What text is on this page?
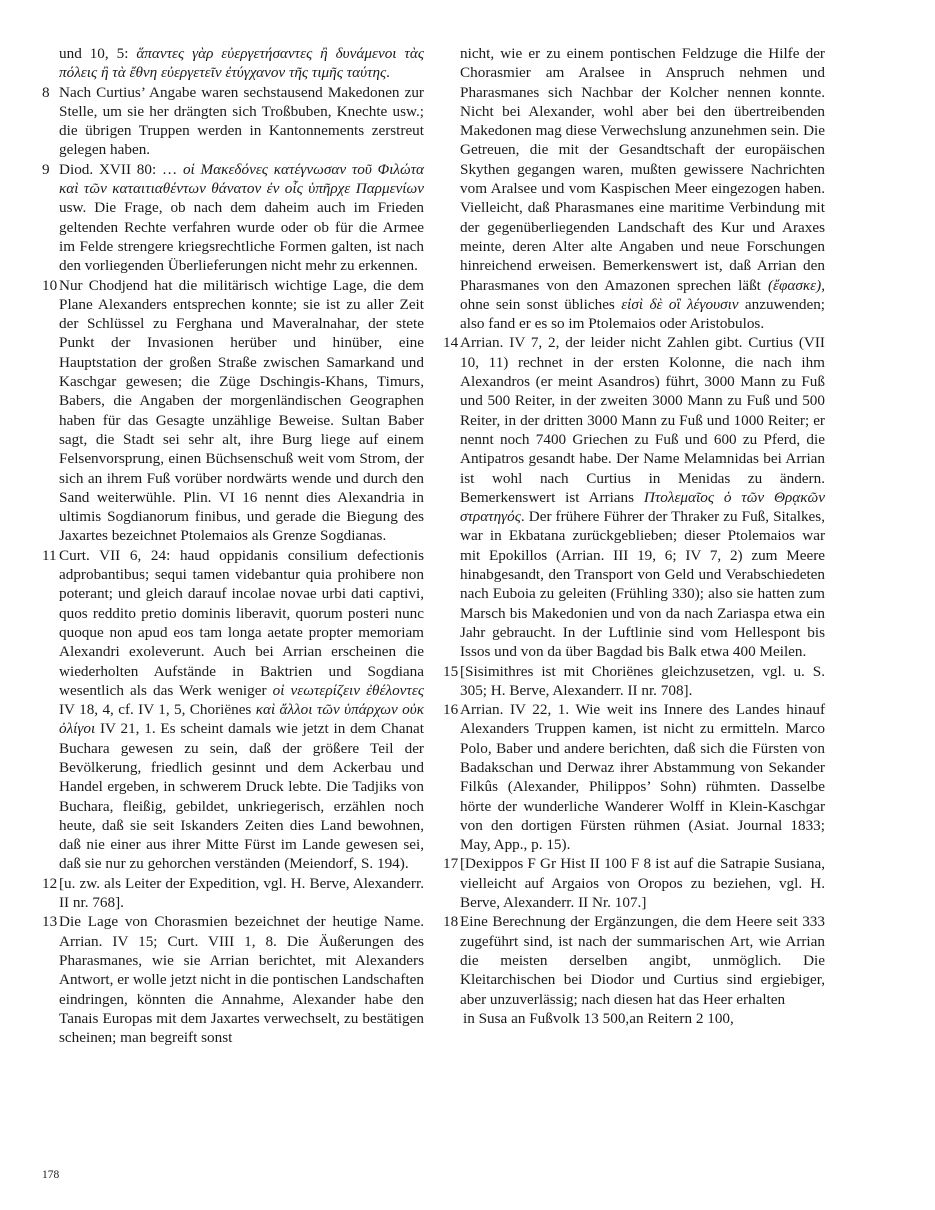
und 10, 5: ἅπαντες γὰρ εὐεργετήσαντες ἢ δυνάμενοι τὰς πόλεις ἢ τὰ ἔθνη εὐεργετεῖν ἐτύγχανον τῆς τιμῆς ταύτης.
8 Nach Curtius’ Angabe waren sechstausend Makedonen zur Stelle, um sie her drängten sich Troßbuben, Knechte usw.; die übrigen Truppen werden in Kantonnements zerstreut gelegen haben.
9 Diod. XVII 80: … οἱ Μακεδόνες κατέγνωσαν τοῦ Φιλώτα καὶ τῶν καταιτιαθέντων θάνατον ἐν οἷς ὑπῆρχε Παρμενίων usw. Die Frage, ob nach dem daheim auch im Frieden geltenden Rechte verfahren wurde oder ob für die Armee im Felde strengere kriegsrechtliche Formen galten, ist nach den vorliegenden Überlieferungen nicht mehr zu erkennen.
10 Nur Chodjend hat die militärisch wichtige Lage, die dem Plane Alexanders entsprechen konnte; sie ist zu aller Zeit der Schlüssel zu Ferghana und Maveralnahar, der stete Punkt der Invasionen herüber und hinüber, eine Hauptstation der großen Straße zwischen Samarkand und Kaschgar gewesen; die Züge Dschingis-Khans, Timurs, Babers, die Angaben der morgenländischen Geographen haben für das Gesagte unzählige Beweise. Sultan Baber sagt, die Stadt sei sehr alt, ihre Burg liege auf einem Felsenvorsprung, einen Büchsenschuß weit vom Strom, der sich an ihrem Fuß vorüber nordwärts wende und durch den Sand weiterwühle. Plin. VI 16 nennt dies Alexandria in ultimis Sogdianorum finibus, und gerade die Biegung des Jaxartes bezeichnet Ptolemaios als Grenze Sogdianas.
11 Curt. VII 6, 24: haud oppidanis consilium defectionis adprobantibus; sequi tamen videbantur quia prohibere non poterant; und gleich darauf incolae novae urbi dati captivi, quos reddito pretio dominis liberavit, quorum posteri nunc quoque non apud eos tam longa aetate propter memoriam Alexandri exoleverunt. Auch bei Arrian erscheinen die wiederholten Aufstände in Baktrien und Sogdiana wesentlich als das Werk weniger οἱ νεωτερίζειν ἐθέλοντες IV 18, 4, cf. IV 1, 5, Choriënes καὶ ἄλλοι τῶν ὑπάρχων οὐκ ὀλίγοι IV 21, 1. Es scheint damals wie jetzt in dem Chanat Buchara gewesen zu sein, daß der größere Teil der Bevölkerung, friedlich gesinnt und dem Ackerbau und Handel ergeben, in schwerem Druck lebte. Die Tadjiks von Buchara, fleißig, gebildet, unkriegerisch, erzählen noch heute, daß sie seit Iskanders Zeiten dies Land bewohnen, daß nie einer aus ihrer Mitte Fürst im Lande gewesen sei, daß sie nur zu gehorchen verständen (Meiendorf, S. 194).
12 [u. zw. als Leiter der Expedition, vgl. H. Berve, Alexanderr. II nr. 768].
13 Die Lage von Chorasmien bezeichnet der heutige Name. Arrian. IV 15; Curt. VIII 1, 8. Die Äußerungen des Pharasmanes, wie sie Arrian berichtet, mit Alexanders Antwort, er wolle jetzt nicht in die pontischen Landschaften eindringen, könnten die Annahme, Alexander habe den Tanais Europas mit dem Jaxartes verwechselt, zu bestätigen scheinen; man begreift sonst
nicht, wie er zu einem pontischen Feldzuge die Hilfe der Chorasmier am Aralsee in Anspruch nehmen und Pharasmanes sich Nachbar der Kolcher nennen konnte. Nicht bei Alexander, wohl aber bei den übertreibenden Makedonen mag diese Verwechslung anzunehmen sein. Die Getreuen, die mit der Gesandtschaft der europäischen Skythen gegangen waren, mußten gewissere Nachrichten vom Aralsee und vom Kaspischen Meer eingezogen haben. Vielleicht, daß Pharasmanes eine maritime Verbindung mit der gegenüberliegenden Landschaft des Kur und Araxes meinte, deren Alter alte Angaben und neue Forschungen hinreichend erweisen. Bemerkenswert ist, daß Arrian den Pharasmanes von den Amazonen sprechen läßt (ἔφασκε), ohne sein sonst übliches εἰσὶ δὲ οἳ λέγουσιν anzuwenden; also fand er es so im Ptolemaios oder Aristobulos.
14 Arrian. IV 7, 2, der leider nicht Zahlen gibt. Curtius (VII 10, 11) rechnet in der ersten Kolonne, die nach ihm Alexandros (er meint Asandros) führt, 3000 Mann zu Fuß und 500 Reiter, in der zweiten 3000 Mann zu Fuß und 500 Reiter, in der dritten 3000 Mann zu Fuß und 1000 Reiter; er nennt noch 7400 Griechen zu Fuß und 600 zu Pferd, die Antipatros gesandt habe. Der Name Melamnidas bei Arrian ist wohl nach Curtius in Menidas zu ändern. Bemerkenswert ist Arrians Πτολεμαῖος ὁ τῶν Θρᾳκῶν στρατηγός. Der frühere Führer der Thraker zu Fuß, Sitalkes, war in Ekbatana zurückgeblieben; dieser Ptolemaios war mit Epokillos (Arrian. III 19, 6; IV 7, 2) zum Meere hinabgesandt, den Transport von Geld und Verabschiedeten nach Euboia zu geleiten (Frühling 330); also sie hatten zum Marsch bis Makedonien und von da nach Zariaspa etwa ein Jahr gebraucht. In der Luftlinie sind vom Hellespont bis Issos und von da über Bagdad bis Balk etwa 400 Meilen.
15 [Sisimithres ist mit Choriënes gleichzusetzen, vgl. u. S. 305; H. Berve, Alexanderr. II nr. 708].
16 Arrian. IV 22, 1. Wie weit ins Innere des Landes hinauf Alexanders Truppen kamen, ist nicht zu ermitteln. Marco Polo, Baber und andere berichten, daß sich die Fürsten von Badakschan und Derwaz ihrer Abstammung von Sekander Filkûs (Alexander, Philippos’ Sohn) rühmten. Dasselbe hörte der wunderliche Wanderer Wolff in Klein-Kaschgar von den dortigen Fürsten rühmen (Asiat. Journal 1833; May, App., p. 15).
17 [Dexippos F Gr Hist II 100 F 8 ist auf die Satrapie Susiana, vielleicht auf Argaios von Oropos zu beziehen, vgl. H. Berve, Alexanderr. II Nr. 107.]
18 Eine Berechnung der Ergänzungen, die dem Heere seit 333 zugeführt sind, ist nach der summarischen Art, wie Arrian die meisten derselben angibt, unmöglich. Die Kleitarchischen bei Diodor und Curtius sind ergiebiger, aber unzuverlässig; nach diesen hat das Heer erhalten
in Susa an Fußvolk 13 500,an Reitern 2 100,
178
